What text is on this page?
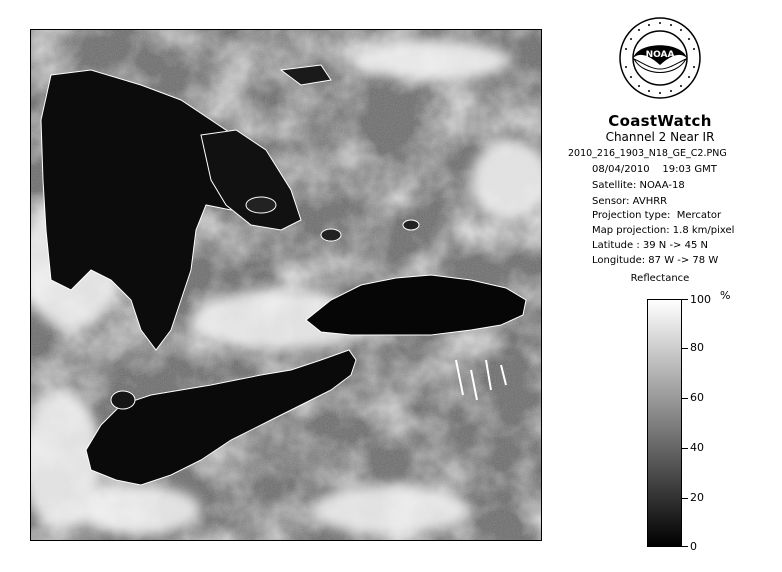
NOAA
CoastWatch
Channel 2 Near IR
2010_216_1903_N18_GE_C2.PNG
08/04/2010    19:03 GMT
Satellite: NOAA-18
Sensor: AVHRR
Projection type:  Mercator
Map projection: 1.8 km/pixel
Latitude : 39 N -> 45 N
Longitude: 87 W -> 78 W
Reflectance
%
100
80
60
40
20
0
